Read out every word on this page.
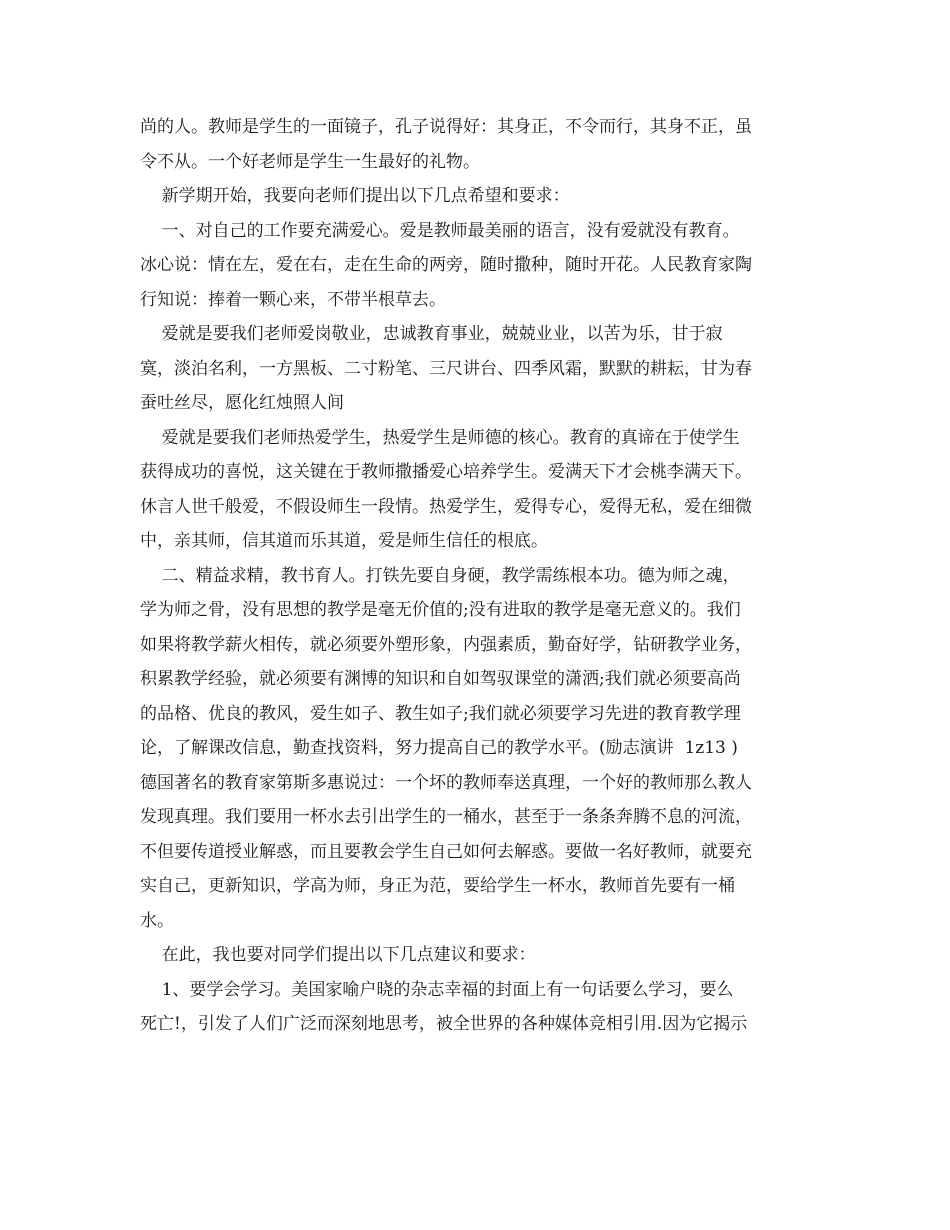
尚的人。教师是学生的一面镜子，孔子说得好：其身正，不令而行，其身不正，虽
令不从。一个好老师是学生一生最好的礼物。
新学期开始，我要向老师们提出以下几点希望和要求：
一、对自己的工作要充满爱心。爱是教师最美丽的语言，没有爱就没有教育。
冰心说：情在左，爱在右，走在生命的两旁，随时撒种，随时开花。人民教育家陶
行知说：捧着一颗心来，不带半根草去。
爱就是要我们老师爱岗敬业，忠诚教育事业，兢兢业业，以苦为乐，甘于寂
寞，淡泊名利，一方黑板、二寸粉笔、三尺讲台、四季风霜，默默的耕耘，甘为春
蚕吐丝尽，愿化红烛照人间
爱就是要我们老师热爱学生，热爱学生是师德的核心。教育的真谛在于使学生
获得成功的喜悦，这关键在于教师撒播爱心培养学生。爱满天下才会桃李满天下。
休言人世千般爱，不假设师生一段情。热爱学生，爱得专心，爱得无私，爱在细微
中，亲其师，信其道而乐其道，爱是师生信任的根底。
二、精益求精，教书育人。打铁先要自身硬，教学需练根本功。德为师之魂，
学为师之骨，没有思想的教学是毫无价值的;没有进取的教学是毫无意义的。我们
如果将教学薪火相传，就必须要外塑形象，内强素质，勤奋好学，钻研教学业务，
积累教学经验，就必须要有渊博的知识和自如驾驭课堂的潇洒;我们就必须要高尚
的品格、优良的教风，爱生如子、教生如子;我们就必须要学习先进的教育教学理
论，了解课改信息，勤查找资料，努力提高自己的教学水平。(励志演讲  1z13 )
德国著名的教育家第斯多惠说过：一个坏的教师奉送真理，一个好的教师那么教人
发现真理。我们要用一杯水去引出学生的一桶水，甚至于一条条奔腾不息的河流，
不但要传道授业解惑，而且要教会学生自己如何去解惑。要做一名好教师，就要充
实自己，更新知识，学高为师，身正为范，要给学生一杯水，教师首先要有一桶
水。
在此，我也要对同学们提出以下几点建议和要求：
1、要学会学习。美国家喻户晓的杂志幸福的封面上有一句话要么学习，要么
死亡!，引发了人们广泛而深刻地思考，被全世界的各种媒体竞相引用.因为它揭示
